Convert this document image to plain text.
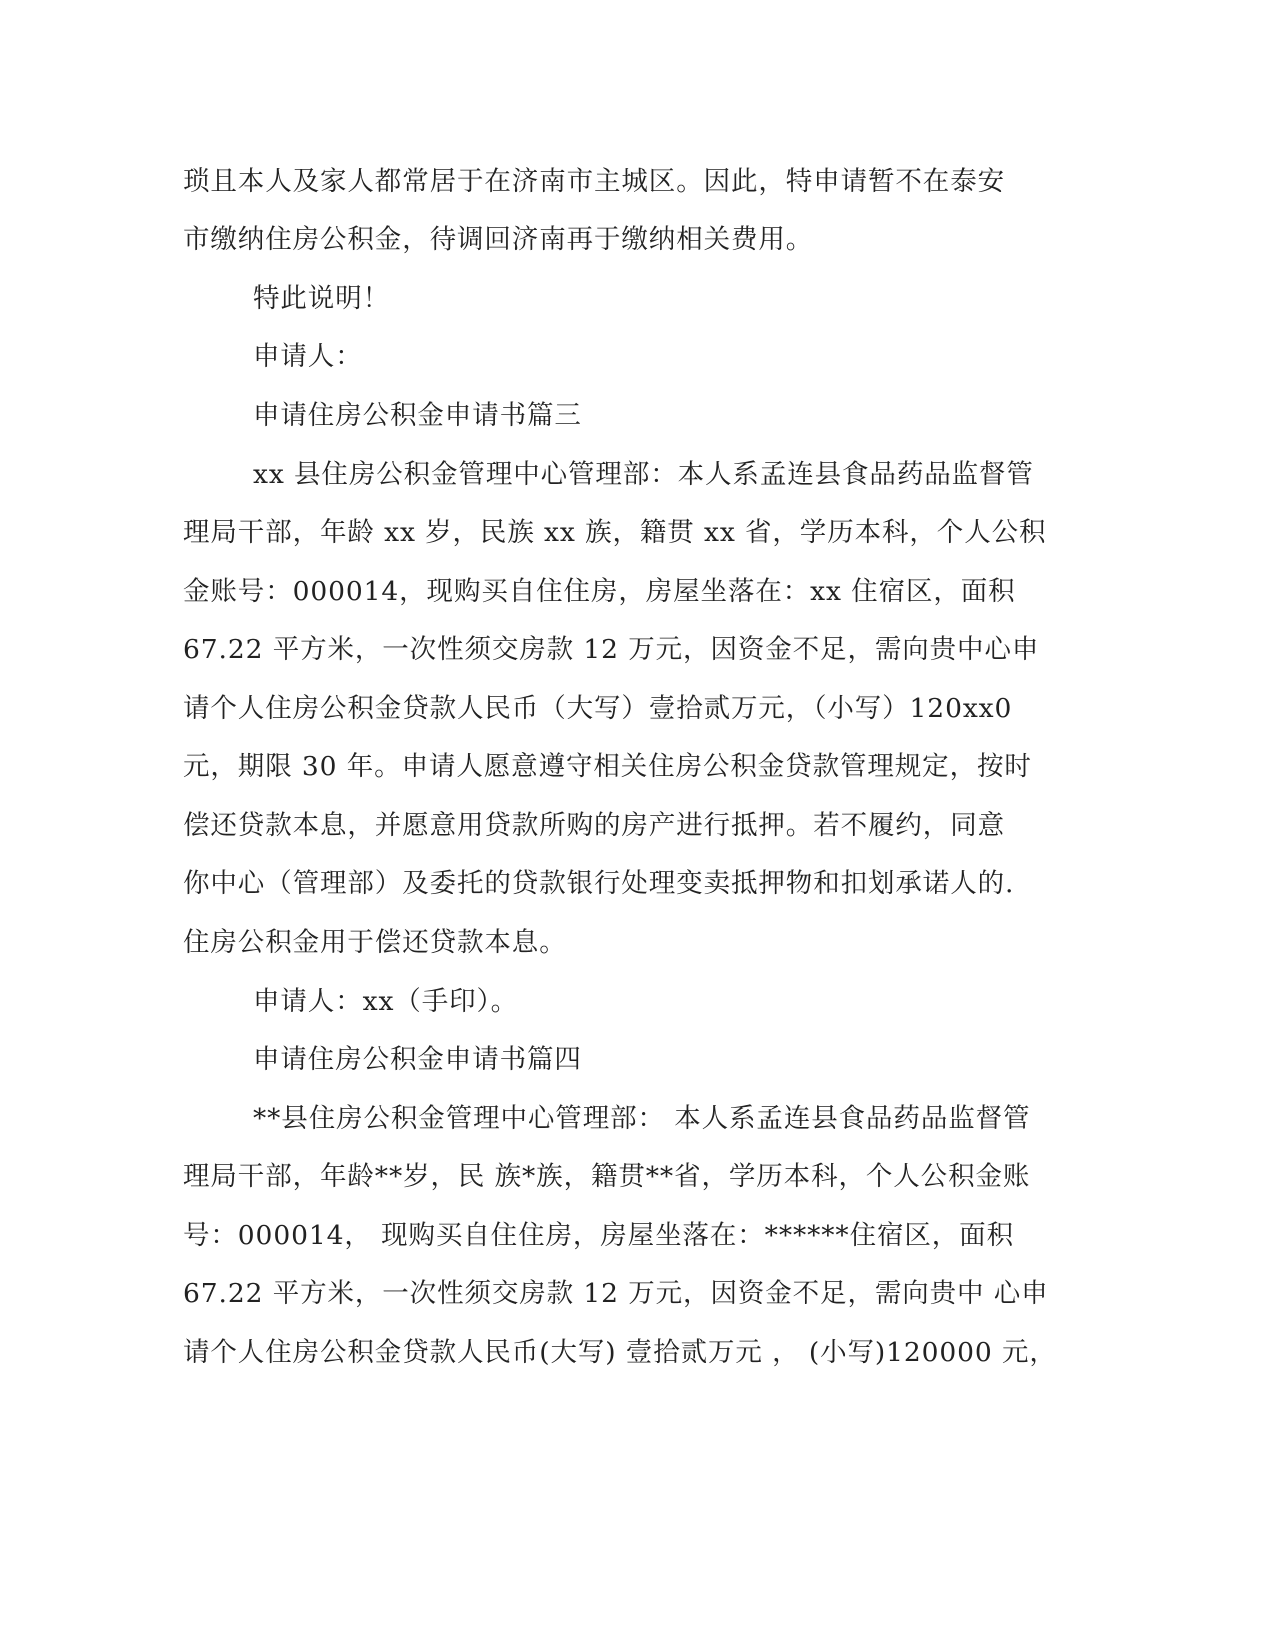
琐且本人及家人都常居于在济南市主城区。因此，特申请暂不在泰安
市缴纳住房公积金，待调回济南再于缴纳相关费用。
特此说明！
申请人：
申请住房公积金申请书篇三
xx 县住房公积金管理中心管理部：本人系孟连县食品药品监督管
理局干部，年龄 xx 岁，民族 xx 族，籍贯 xx 省，学历本科，个人公积
金账号：000014，现购买自住住房，房屋坐落在：xx 住宿区，面积
67.22 平方米，一次性须交房款 12 万元，因资金不足，需向贵中心申
请个人住房公积金贷款人民币（大写）壹拾贰万元，（小写）120xx0
元，期限 30 年。申请人愿意遵守相关住房公积金贷款管理规定，按时
偿还贷款本息，并愿意用贷款所购的房产进行抵押。若不履约，同意
你中心（管理部）及委托的贷款银行处理变卖抵押物和扣划承诺人的.
住房公积金用于偿还贷款本息。
申请人：xx（手印）。
申请住房公积金申请书篇四
**县住房公积金管理中心管理部： 本人系孟连县食品药品监督管
理局干部，年龄**岁，民 族*族，籍贯**省，学历本科，个人公积金账
号：000014， 现购买自住住房，房屋坐落在：******住宿区，面积
67.22 平方米，一次性须交房款 12 万元，因资金不足，需向贵中 心申
请个人住房公积金贷款人民币(大写) 壹拾贰万元 ， (小写)120000 元，
